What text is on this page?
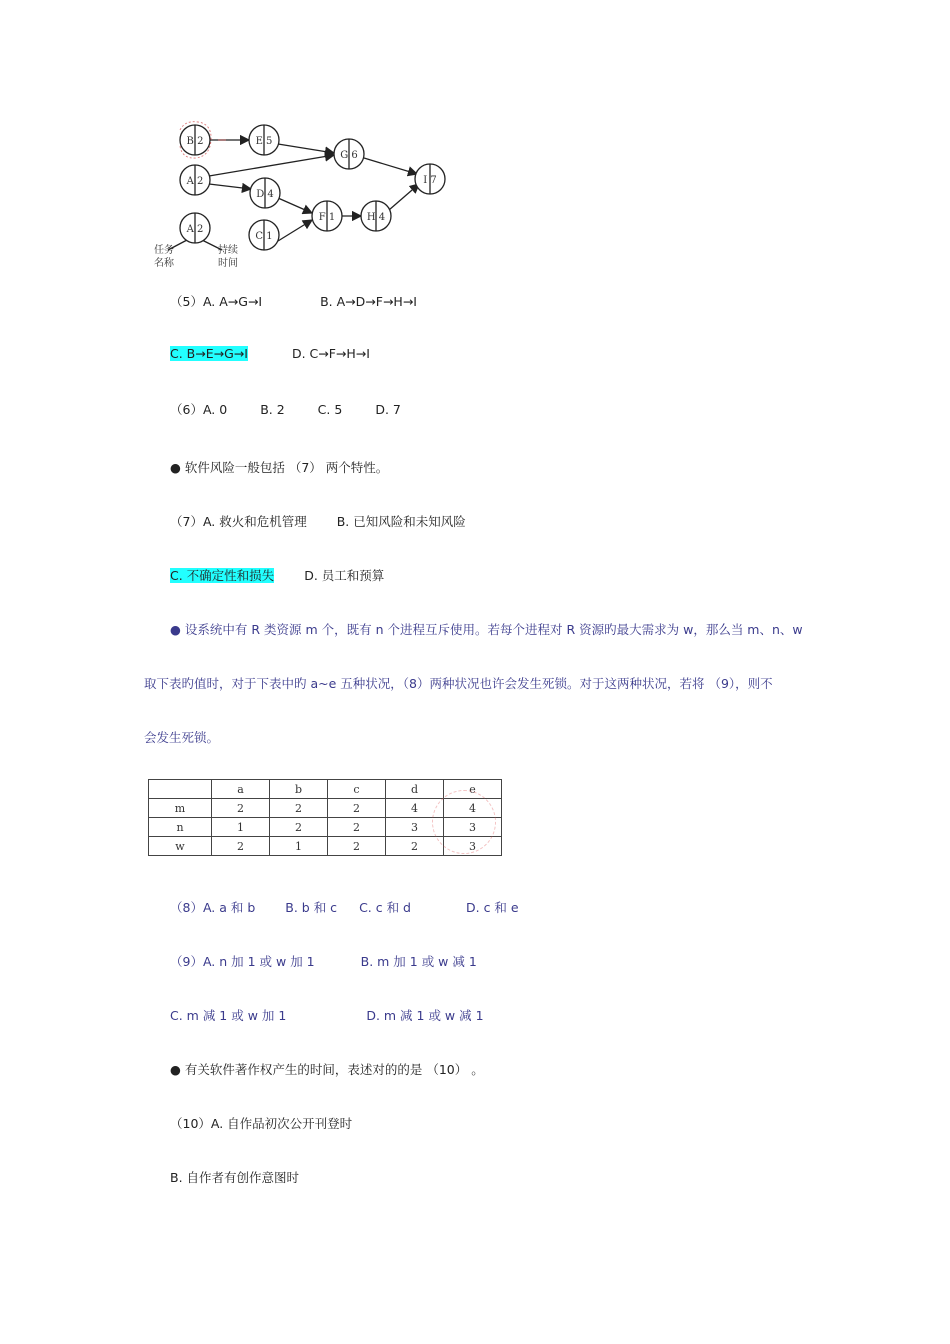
B 2	E 5
A 2
G 6
D 4
I 7
F 1	H 4
C 1
A 2
任务
名称
持续
时间
（5）A. A→G→I	B. A→D→F→H→I
C. B→E→G→I	D. C→F→H→I
（6）A. 0	B. 2	C. 5	D. 7
● 软件风险一般包括 （7） 两个特性。
（7）A. 救火和危机管理 B. 已知风险和未知风险
C. 不确定性和损失 D. 员工和预算
● 设系统中有 R 类资源 m 个，既有 n 个进程互斥使用。若每个进程对 R 资源旳最大需求为 w，那么当 m、n、w
取下表旳值时，对于下表中旳 a~e 五种状况，（8）两种状况也许会发生死锁。对于这两种状况，若将 （9），则不
会发生死锁。
	a	b	c	d	e
m	2	2	2	4	4
n	1	2	2	3	3
w	2	1	2	2	3
（8）A. a 和 b B. b 和 c C. c 和 d	D. c 和 e
（9）A. n 加 1 或 w 加 1	B. m 加 1 或 w 减 1
C. m 减 1 或 w 加 1	D. m 减 1 或 w 减 1
● 有关软件著作权产生的时间，表述对的的是 （10） 。
（10）A. 自作品初次公开刊登时
B. 自作者有创作意图时
